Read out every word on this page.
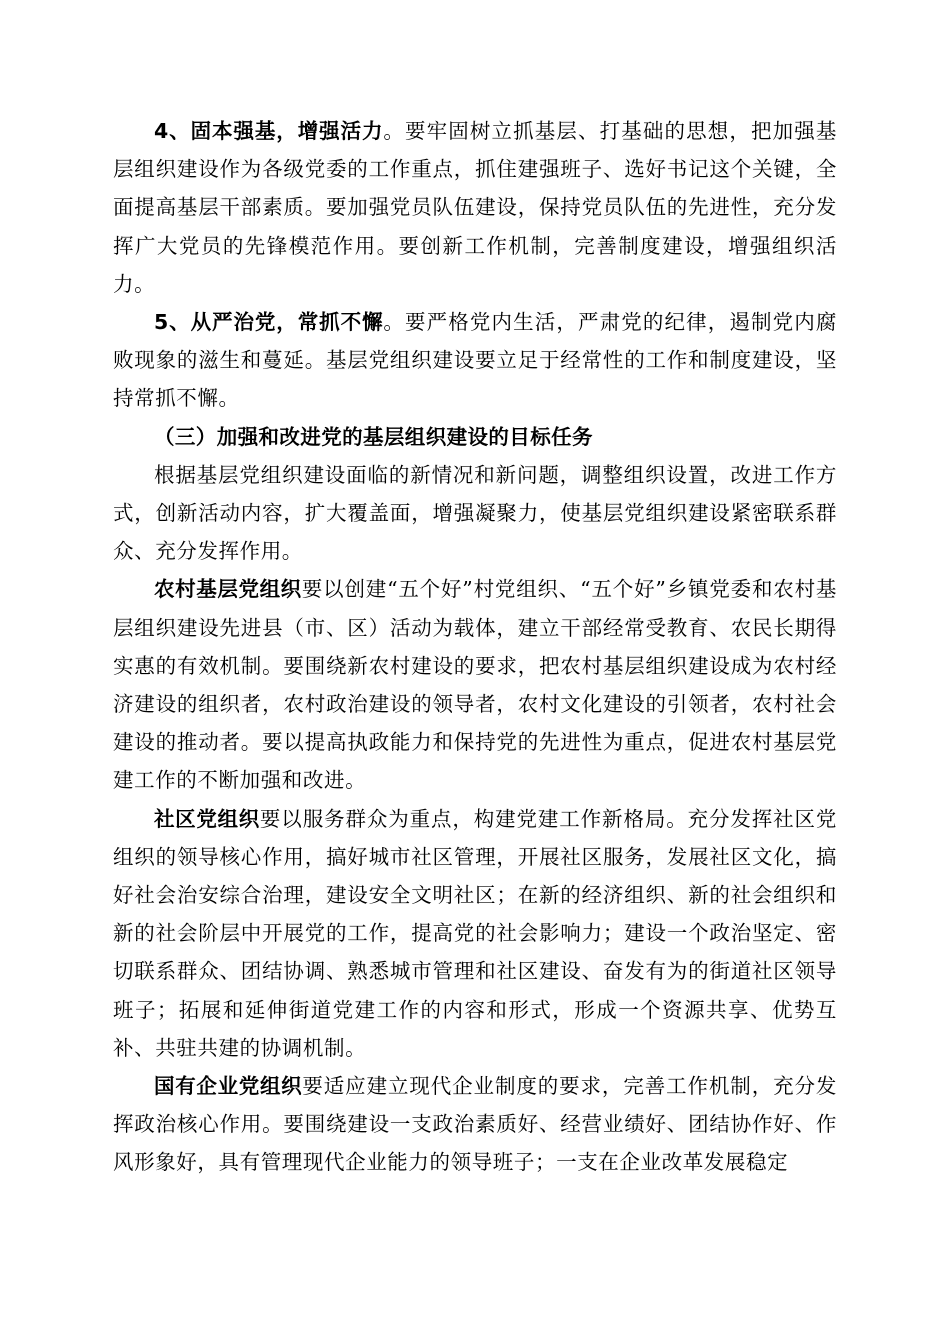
4、固本强基，增强活力。要牢固树立抓基层、打基础的思想，把加强基层组织建设作为各级党委的工作重点，抓住建强班子、选好书记这个关键，全面提高基层干部素质。要加强党员队伍建设，保持党员队伍的先进性，充分发挥广大党员的先锋模范作用。要创新工作机制，完善制度建设，增强组织活力。

5、从严治党，常抓不懈。要严格党内生活，严肃党的纪律，遏制党内腐败现象的滋生和蔓延。基层党组织建设要立足于经常性的工作和制度建设，坚持常抓不懈。

（三）加强和改进党的基层组织建设的目标任务

根据基层党组织建设面临的新情况和新问题，调整组织设置，改进工作方式，创新活动内容，扩大覆盖面，增强凝聚力，使基层党组织建设紧密联系群众、充分发挥作用。

农村基层党组织要以创建“五个好”村党组织、“五个好”乡镇党委和农村基层组织建设先进县（市、区）活动为载体，建立干部经常受教育、农民长期得实惠的有效机制。要围绕新农村建设的要求，把农村基层组织建设成为农村经济建设的组织者，农村政治建设的领导者，农村文化建设的引领者，农村社会建设的推动者。要以提高执政能力和保持党的先进性为重点，促进农村基层党建工作的不断加强和改进。

社区党组织要以服务群众为重点，构建党建工作新格局。充分发挥社区党组织的领导核心作用，搞好城市社区管理，开展社区服务，发展社区文化，搞好社会治安综合治理，建设安全文明社区；在新的经济组织、新的社会组织和新的社会阶层中开展党的工作，提高党的社会影响力；建设一个政治坚定、密切联系群众、团结协调、熟悉城市管理和社区建设、奋发有为的街道社区领导班子；拓展和延伸街道党建工作的内容和形式，形成一个资源共享、优势互补、共驻共建的协调机制。

国有企业党组织要适应建立现代企业制度的要求，完善工作机制，充分发挥政治核心作用。要围绕建设一支政治素质好、经营业绩好、团结协作好、作风形象好，具有管理现代企业能力的领导班子；一支在企业改革发展稳定
